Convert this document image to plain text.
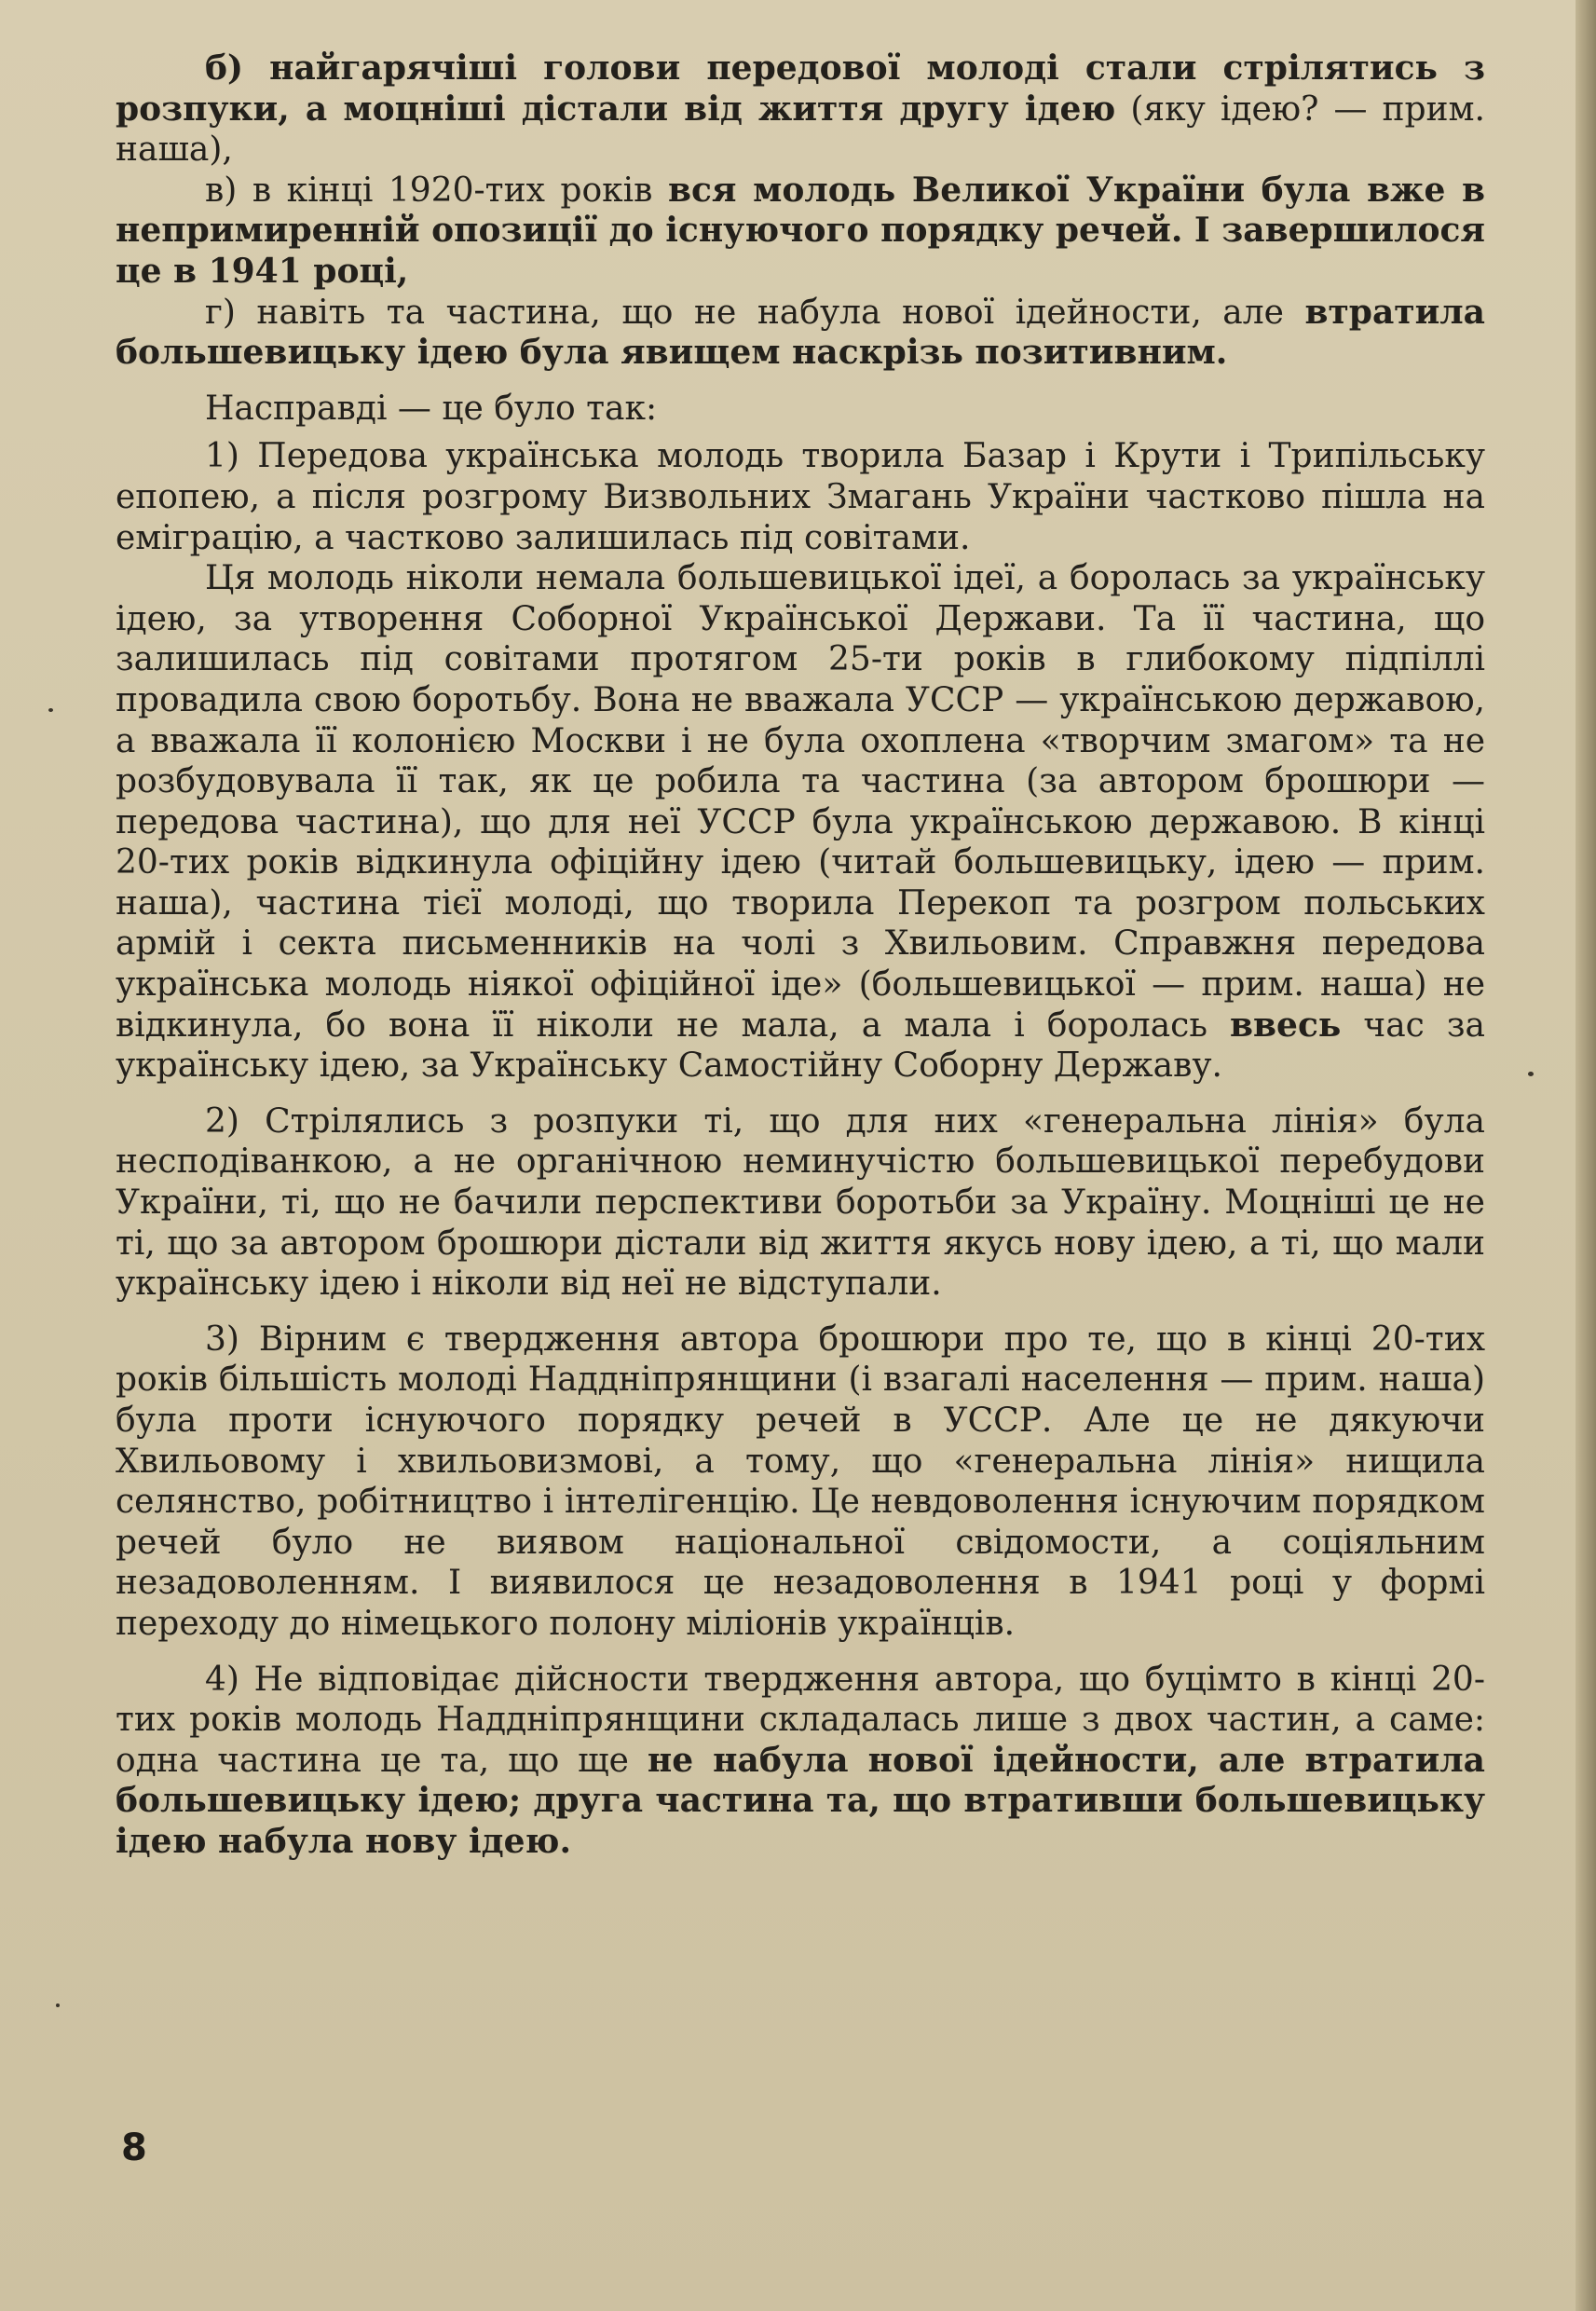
б) найгарячіші голови передової молоді стали стрілятись з розпуки, а моцніші дістали від життя другу ідею (яку ідею? — прим. наша),

в) в кінці 1920-тих років вся молодь Великої України була вже в непримиренній опозиції до існуючого порядку речей. І завершилося це в 1941 році,

г) навіть та частина, що не набула нової ідейности, але втратила большевицьку ідею була явищем наскрізь позитивним.

Насправді — це було так:

1) Передова українська молодь творила Базар і Крути і Трипільську епопею, а після розгрому Визвольних Змагань України частково пішла на еміграцію, а частково залишилась під совітами.

Ця молодь ніколи немала большевицької ідеї, а боролась за українську ідею, за утворення Соборної Української Держави. Та її частина, що залишилась під совітами протягом 25-ти років в глибокому підпіллі провадила свою боротьбу. Вона не вважала УССР — українською державою, а вважала її колонією Москви і не була охоплена «творчим змагом» та не розбудовувала її так, як це робила та частина (за автором брошюри — передова частина), що для неї УССР була українською державою. В кінці 20-тих років відкинула офіційну ідею (читай большевицьку, ідею — прим. наша), частина тієї молоді, що творила Перекоп та розгром польських армій і секта письменників на чолі з Хвильовим. Справжня передова українська молодь ніякої офіційної іде» (большевицької — прим. наша) не відкинула, бо вона її ніколи не мала, а мала і боролась ввесь час за українську ідею, за Українську Самостійну Соборну Державу.

2) Стрілялись з розпуки ті, що для них «генеральна лінія» була несподіванкою, а не органічною неминучістю большевицької перебудови України, ті, що не бачили перспективи боротьби за Україну. Моцніші це не ті, що за автором брошюри дістали від життя якусь нову ідею, а ті, що мали українську ідею і ніколи від неї не відступали.

3) Вірним є твердження автора брошюри про те, що в кінці 20-тих років більшість молоді Наддніпрянщини (і взагалі населення — прим. наша) була проти існуючого порядку речей в УССР. Але це не дякуючи Хвильовому і хвильовизмові, а тому, що «генеральна лінія» нищила селянство, робітництво і інтелігенцію. Це невдоволення існуючим порядком речей було не виявом національної свідомости, а соціяльним незадоволенням. І виявилося це незадоволення в 1941 році у формі переходу до німецького полону міліонів українців.

4) Не відповідає дійсности твердження автора, що буцімто в кінці 20-тих років молодь Наддніпрянщини складалась лише з двох частин, а саме: одна частина це та, що ще не набула нової ідейности, але втратила большевицьку ідею; друга частина та, що втративши большевицьку ідею набула нову ідею.

8
